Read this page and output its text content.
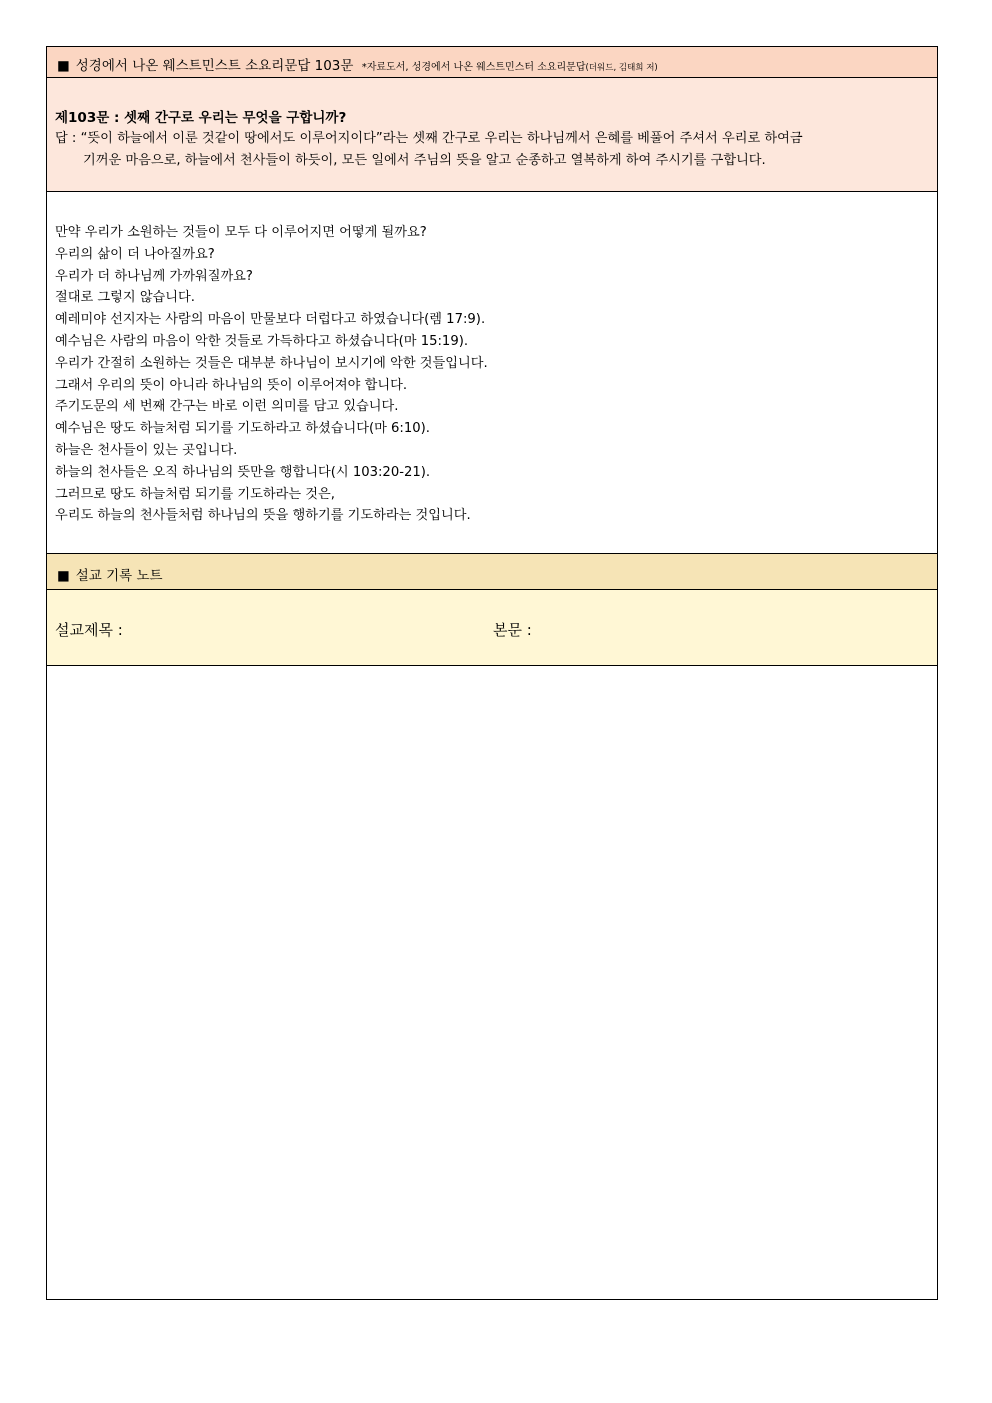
■ 성경에서 나온 웨스트민스트 소요리문답 103문 *자료도서, 성경에서 나온 웨스트민스터 소요리문답(더워드, 김태희 저)
제103문 : 셋째 간구로 우리는 무엇을 구합니까?
답 : “뜻이 하늘에서 이룬 것같이 땅에서도 이루어지이다”라는 셋째 간구로 우리는 하나님께서 은혜를 베풀어 주셔서 우리로 하여금
기꺼운 마음으로, 하늘에서 천사들이 하듯이, 모든 일에서 주님의 뜻을 알고 순종하고 열복하게 하여 주시기를 구합니다.
만약 우리가 소원하는 것들이 모두 다 이루어지면 어떻게 될까요?
우리의 삶이 더 나아질까요?
우리가 더 하나님께 가까워질까요?
절대로 그렇지 않습니다.
예레미야 선지자는 사람의 마음이 만물보다 더럽다고 하였습니다(렘 17:9).
예수님은 사람의 마음이 악한 것들로 가득하다고 하셨습니다(마 15:19).
우리가 간절히 소원하는 것들은 대부분 하나님이 보시기에 악한 것들입니다.
그래서 우리의 뜻이 아니라 하나님의 뜻이 이루어져야 합니다.
주기도문의 세 번째 간구는 바로 이런 의미를 담고 있습니다.
예수님은 땅도 하늘처럼 되기를 기도하라고 하셨습니다(마 6:10).
하늘은 천사들이 있는 곳입니다.
하늘의 천사들은 오직 하나님의 뜻만을 행합니다(시 103:20-21).
그러므로 땅도 하늘처럼 되기를 기도하라는 것은,
우리도 하늘의 천사들처럼 하나님의 뜻을 행하기를 기도하라는 것입니다.
■ 설교 기록 노트
설교제목 :	본문 :
